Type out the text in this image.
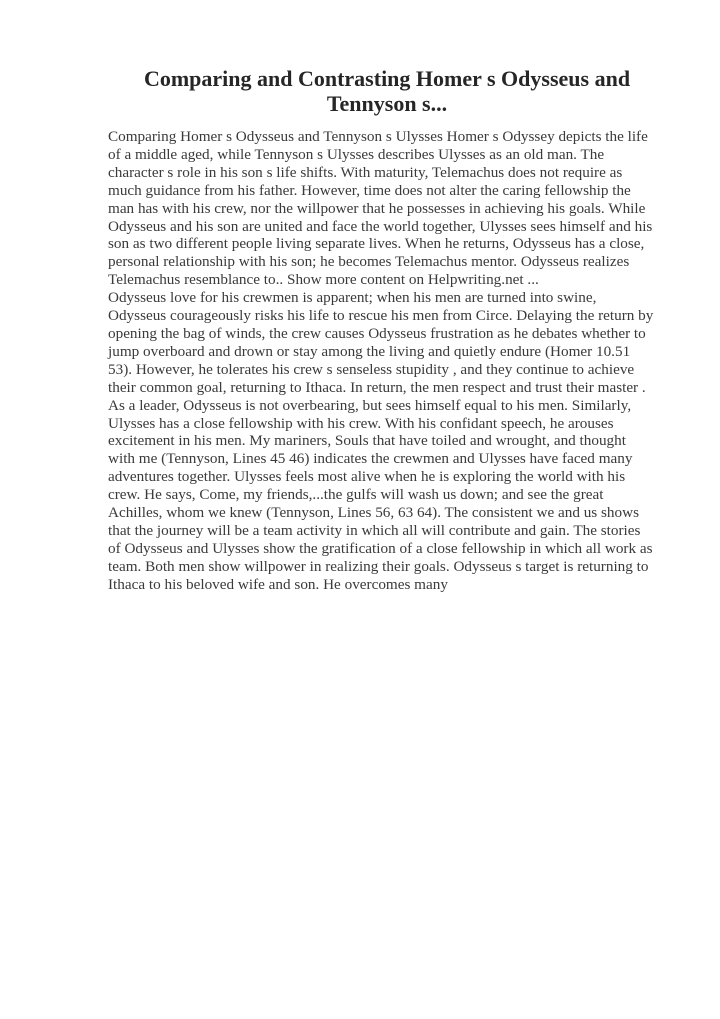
Comparing and Contrasting Homer s Odysseus and Tennyson s...

Comparing Homer s Odysseus and Tennyson s Ulysses Homer s Odyssey depicts the life of a middle aged, while Tennyson s Ulysses describes Ulysses as an old man. The character s role in his son s life shifts. With maturity, Telemachus does not require as much guidance from his father. However, time does not alter the caring fellowship the man has with his crew, nor the willpower that he possesses in achieving his goals. While Odysseus and his son are united and face the world together, Ulysses sees himself and his son as two different people living separate lives. When he returns, Odysseus has a close, personal relationship with his son; he becomes Telemachus mentor. Odysseus realizes Telemachus resemblance to.. Show more content on Helpwriting.net ...

Odysseus love for his crewmen is apparent; when his men are turned into swine, Odysseus courageously risks his life to rescue his men from Circe. Delaying the return by opening the bag of winds, the crew causes Odysseus frustration as he debates whether to jump overboard and drown or stay among the living and quietly endure (Homer 10.51 53). However, he tolerates his crew s senseless stupidity , and they continue to achieve their common goal, returning to Ithaca. In return, the men respect and trust their master . As a leader, Odysseus is not overbearing, but sees himself equal to his men. Similarly, Ulysses has a close fellowship with his crew. With his confidant speech, he arouses excitement in his men. My mariners, Souls that have toiled and wrought, and thought with me (Tennyson, Lines 45 46) indicates the crewmen and Ulysses have faced many adventures together. Ulysses feels most alive when he is exploring the world with his crew. He says, Come, my friends,...the gulfs will wash us down; and see the great Achilles, whom we knew (Tennyson, Lines 56, 63 64). The consistent we and us shows that the journey will be a team activity in which all will contribute and gain. The stories of Odysseus and Ulysses show the gratification of a close fellowship in which all work as team. Both men show willpower in realizing their goals. Odysseus s target is returning to Ithaca to his beloved wife and son. He overcomes many
